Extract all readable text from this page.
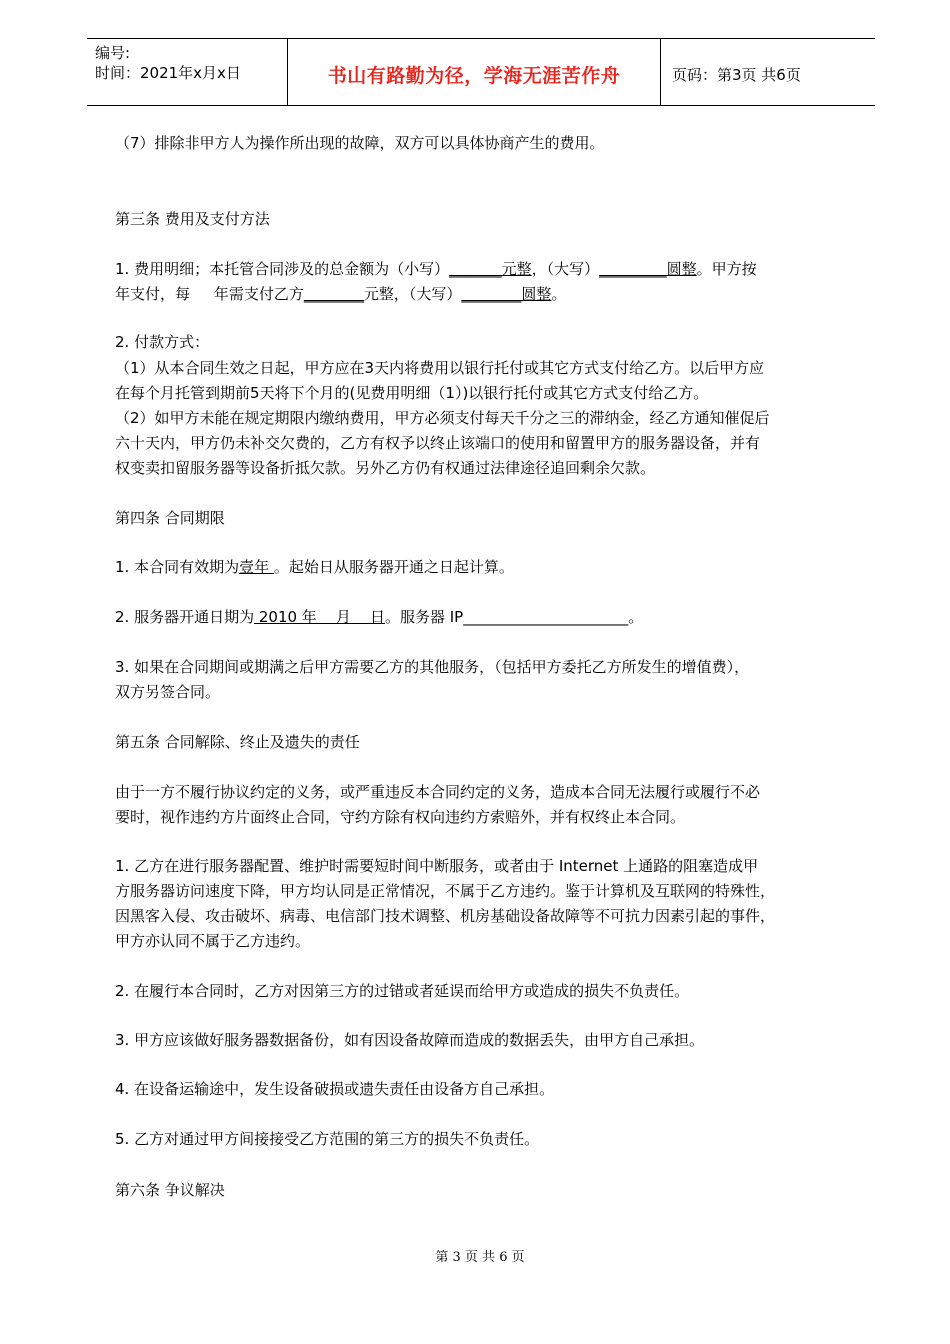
编号:
时间：2021年x月x日	书山有路勤为径，学海无涯苦作舟	页码：第3页 共6页
（7）排除非甲方人为操作所出现的故障，双方可以具体协商产生的费用。
第三条 费用及支付方法
1. 费用明细；本托管合同涉及的总金额为（小写）_______元整，（大写）_________圆整。甲方按
年支付，每     年需支付乙方________元整，（大写）________圆整。
2. 付款方式：
（1）从本合同生效之日起，甲方应在3天内将费用以银行托付或其它方式支付给乙方。以后甲方应
在每个月托管到期前5天将下个月的(见费用明细（1）)以银行托付或其它方式支付给乙方。
（2）如甲方未能在规定期限内缴纳费用，甲方必须支付每天千分之三的滞纳金，经乙方通知催促后
六十天内，甲方仍未补交欠费的，乙方有权予以终止该端口的使用和留置甲方的服务器设备，并有
权变卖扣留服务器等设备折抵欠款。另外乙方仍有权通过法律途径追回剩余欠款。
第四条 合同期限
1. 本合同有效期为壹年 。起始日从服务器开通之日起计算。
2. 服务器开通日期为 2010 年    月    日。服务器 IP______________________。
3. 如果在合同期间或期满之后甲方需要乙方的其他服务，（包括甲方委托乙方所发生的增值费），
双方另签合同。
第五条 合同解除、终止及遗失的责任
由于一方不履行协议约定的义务，或严重违反本合同约定的义务，造成本合同无法履行或履行不必
要时，视作违约方片面终止合同，守约方除有权向违约方索赔外，并有权终止本合同。
1. 乙方在进行服务器配置、维护时需要短时间中断服务，或者由于 Internet 上通路的阻塞造成甲
方服务器访问速度下降，甲方均认同是正常情况，不属于乙方违约。鉴于计算机及互联网的特殊性，
因黑客入侵、攻击破坏、病毒、电信部门技术调整、机房基础设备故障等不可抗力因素引起的事件，
甲方亦认同不属于乙方违约。
2. 在履行本合同时，乙方对因第三方的过错或者延误而给甲方或造成的损失不负责任。
3. 甲方应该做好服务器数据备份，如有因设备故障而造成的数据丢失，由甲方自己承担。
4. 在设备运输途中，发生设备破损或遗失责任由设备方自己承担。
5. 乙方对通过甲方间接接受乙方范围的第三方的损失不负责任。
第六条 争议解决
第 3 页 共 6 页
